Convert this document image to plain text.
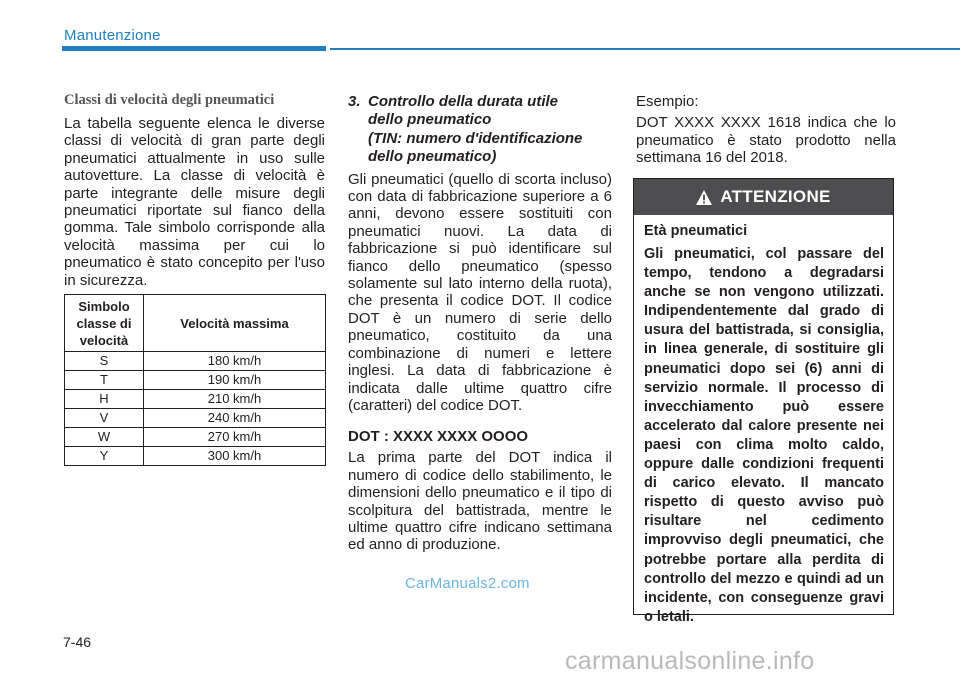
Manutenzione
Classi di velocità degli pneumatici

La tabella seguente elenca le diverse classi di velocità di gran parte degli pneumatici attualmente in uso sulle autovetture. La classe di velocità è parte integrante delle misure degli pneumatici riportate sul fianco della gomma. Tale simbolo corrisponde alla velocità massima per cui lo pneumatico è stato concepito per l'uso in sicurezza.

Simbolo classe di velocità	Velocità massima
S	180 km/h
T	190 km/h
H	210 km/h
V	240 km/h
W	270 km/h
Y	300 km/h
3. Controllo della durata utile
dello pneumatico
(TIN: numero d'identificazione
dello pneumatico)

Gli pneumatici (quello di scorta incluso) con data di fabbricazione superiore a 6 anni, devono essere sostituiti con pneumatici nuovi. La data di fabbricazione si può identificare sul fianco dello pneumatico (spesso solamente sul lato interno della ruota), che presenta il codice DOT. Il codice DOT è un numero di serie dello pneumatico, costituito da una combinazione di numeri e lettere inglesi. La data di fabbricazione è indicata dalle ultime quattro cifre (caratteri) del codice DOT.

DOT : XXXX XXXX OOOO

La prima parte del DOT indica il numero di codice dello stabilimento, le dimensioni dello pneumatico e il tipo di scolpitura del battistrada, mentre le ultime quattro cifre indicano settimana ed anno di produzione.

Esempio:

DOT XXXX XXXX 1618 indica che lo pneumatico è stato prodotto nella settimana 16 del 2018.

ATTENZIONE
Età pneumatici

Gli pneumatici, col passare del tempo, tendono a degradarsi anche se non vengono utilizzati. Indipendentemente dal grado di usura del battistrada, si consiglia, in linea generale, di sostituire gli pneumatici dopo sei (6) anni di servizio normale. Il processo di invecchiamento può essere accelerato dal calore presente nei paesi con clima molto caldo, oppure dalle condizioni frequenti di carico elevato. Il mancato rispetto di questo avviso può risultare nel cedimento improvviso degli pneumatici, che potrebbe portare alla perdita di controllo del mezzo e quindi ad un incidente, con conseguenze gravi o letali.

CarManuals2.com
7-46
carmanualsonline.info
